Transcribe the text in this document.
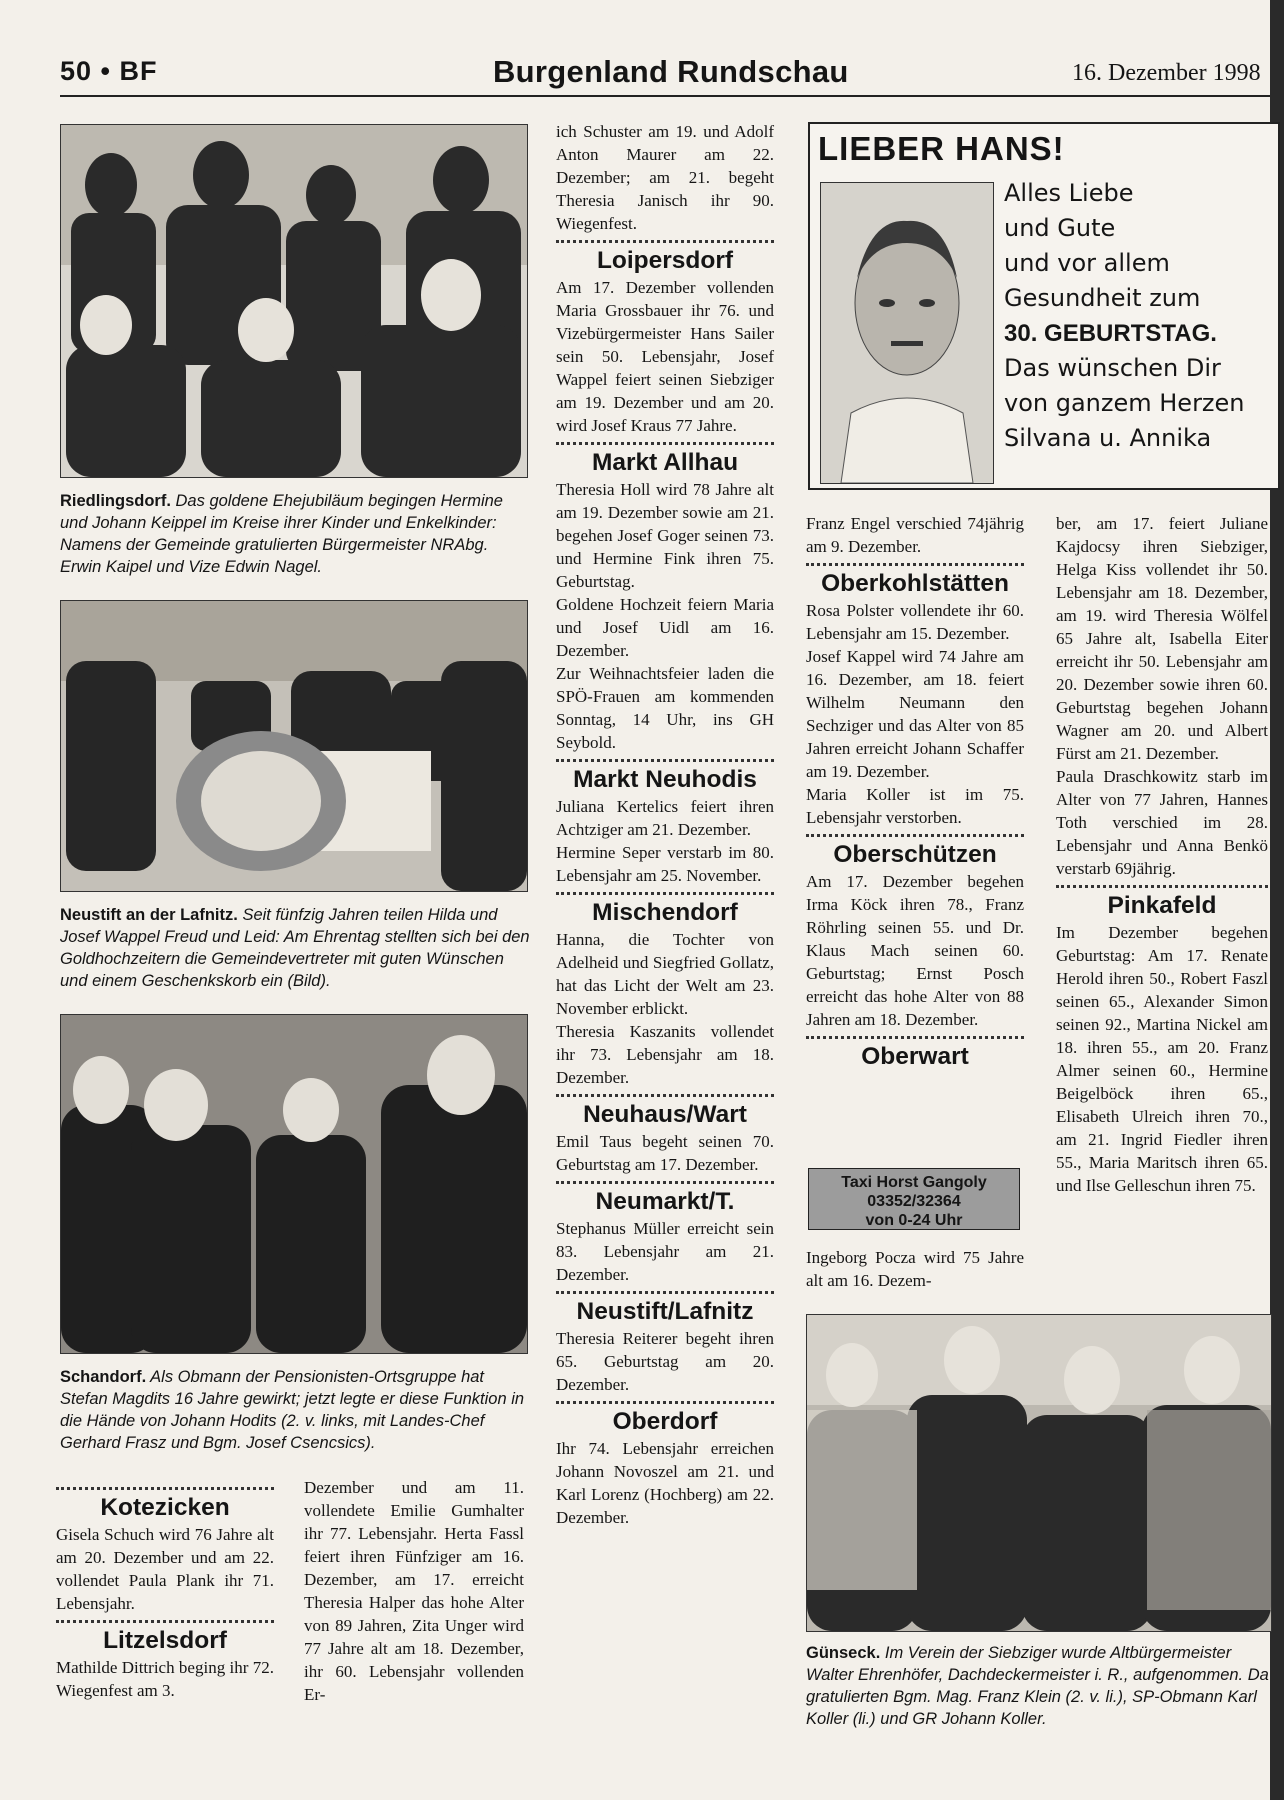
50 • BF	Burgenland Rundschau	16. Dezember 1998
Riedlingsdorf. Das goldene Ehejubiläum begingen Hermine und Johann Keippel im Kreise ihrer Kinder und Enkelkinder: Namens der Gemeinde gratulierten Bürgermeister NRAbg. Erwin Kaipel und Vize Edwin Nagel.
Neustift an der Lafnitz. Seit fünfzig Jahren teilen Hilda und Josef Wappel Freud und Leid: Am Ehrentag stellten sich bei den Goldhochzeitern die Gemeindevertreter mit guten Wünschen und einem Geschenkskorb ein (Bild).
Schandorf. Als Obmann der Pensionisten-Ortsgruppe hat Stefan Magdits 16 Jahre gewirkt; jetzt legte er diese Funktion in die Hände von Johann Hodits (2. v. links, mit Landes-Chef Gerhard Frasz und Bgm. Josef Csencsics).
Kotezicken

Gisela Schuch wird 76 Jahre alt am 20. Dezember und am 22. vollendet Paula Plank ihr 71. Lebensjahr.

Litzelsdorf

Mathilde Dittrich beging ihr 72. Wiegenfest am 3.

Dezember und am 11. vollendete Emilie Gumhalter ihr 77. Lebensjahr. Herta Fassl feiert ihren Fünfziger am 16. Dezember, am 17. erreicht Theresia Halper das hohe Alter von 89 Jahren, Zita Unger wird 77 Jahre alt am 18. Dezember, ihr 60. Lebensjahr vollenden Er-

ich Schuster am 19. und Adolf Anton Maurer am 22. Dezember; am 21. begeht Theresia Janisch ihr 90. Wiegenfest.

Loipersdorf

Am 17. Dezember vollenden Maria Grossbauer ihr 76. und Vizebürgermeister Hans Sailer sein 50. Lebensjahr, Josef Wappel feiert seinen Siebziger am 19. Dezember und am 20. wird Josef Kraus 77 Jahre.

Markt Allhau

Theresia Holl wird 78 Jahre alt am 19. Dezember sowie am 21. begehen Josef Goger seinen 73. und Hermine Fink ihren 75. Geburtstag.

Goldene Hochzeit feiern Maria und Josef Uidl am 16. Dezember.

Zur Weihnachtsfeier laden die SPÖ-Frauen am kommenden Sonntag, 14 Uhr, ins GH Seybold.

Markt Neuhodis

Juliana Kertelics feiert ihren Achtziger am 21. Dezember.

Hermine Seper verstarb im 80. Lebensjahr am 25. November.

Mischendorf

Hanna, die Tochter von Adelheid und Siegfried Gollatz, hat das Licht der Welt am 23. November erblickt.

Theresia Kaszanits vollendet ihr 73. Lebensjahr am 18. Dezember.

Neuhaus/Wart

Emil Taus begeht seinen 70. Geburtstag am 17. Dezember.

Neumarkt/T.

Stephanus Müller erreicht sein 83. Lebensjahr am 21. Dezember.

Neustift/Lafnitz

Theresia Reiterer begeht ihren 65. Geburtstag am 20. Dezember.

Oberdorf

Ihr 74. Lebensjahr erreichen Johann Novoszel am 21. und Karl Lorenz (Hochberg) am 22. Dezember.

LIEBER HANS!
Alles Liebe
und Gute
und vor allem
Gesundheit zum
30. GEBURTSTAG.
Das wünschen Dir
von ganzem Herzen
Silvana u. Annika

Franz Engel verschied 74jährig am 9. Dezember.

Oberkohlstätten

Rosa Polster vollendete ihr 60. Lebensjahr am 15. Dezember.

Josef Kappel wird 74 Jahre am 16. Dezember, am 18. feiert Wilhelm Neumann den Sechziger und das Alter von 85 Jahren erreicht Johann Schaffer am 19. Dezember.

Maria Koller ist im 75. Lebensjahr verstorben.

Oberschützen

Am 17. Dezember begehen Irma Köck ihren 78., Franz Röhrling seinen 55. und Dr. Klaus Mach seinen 60. Geburtstag; Ernst Posch erreicht das hohe Alter von 88 Jahren am 18. Dezember.

Oberwart
Taxi Horst Gangoly
03352/32364
von 0-24 Uhr

Ingeborg Pocza wird 75 Jahre alt am 16. Dezem-

ber, am 17. feiert Juliane Kajdocsy ihren Siebziger, Helga Kiss vollendet ihr 50. Lebensjahr am 18. Dezember, am 19. wird Theresia Wölfel 65 Jahre alt, Isabella Eiter erreicht ihr 50. Lebensjahr am 20. Dezember sowie ihren 60. Geburtstag begehen Johann Wagner am 20. und Albert Fürst am 21. Dezember.

Paula Draschkowitz starb im Alter von 77 Jahren, Hannes Toth verschied im 28. Lebensjahr und Anna Benkö verstarb 69jährig.

Pinkafeld

Im Dezember begehen Geburtstag: Am 17. Renate Herold ihren 50., Robert Faszl seinen 65., Alexander Simon seinen 92., Martina Nickel am 18. ihren 55., am 20. Franz Almer seinen 60., Hermine Beigelböck ihren 65., Elisabeth Ulreich ihren 70., am 21. Ingrid Fiedler ihren 55., Maria Maritsch ihren 65. und Ilse Gelleschun ihren 75.

Günseck. Im Verein der Siebziger wurde Altbürgermeister Walter Ehrenhöfer, Dachdeckermeister i. R., aufgenommen. Da gratulierten Bgm. Mag. Franz Klein (2. v. li.), SP-Obmann Karl Koller (li.) und GR Johann Koller.
